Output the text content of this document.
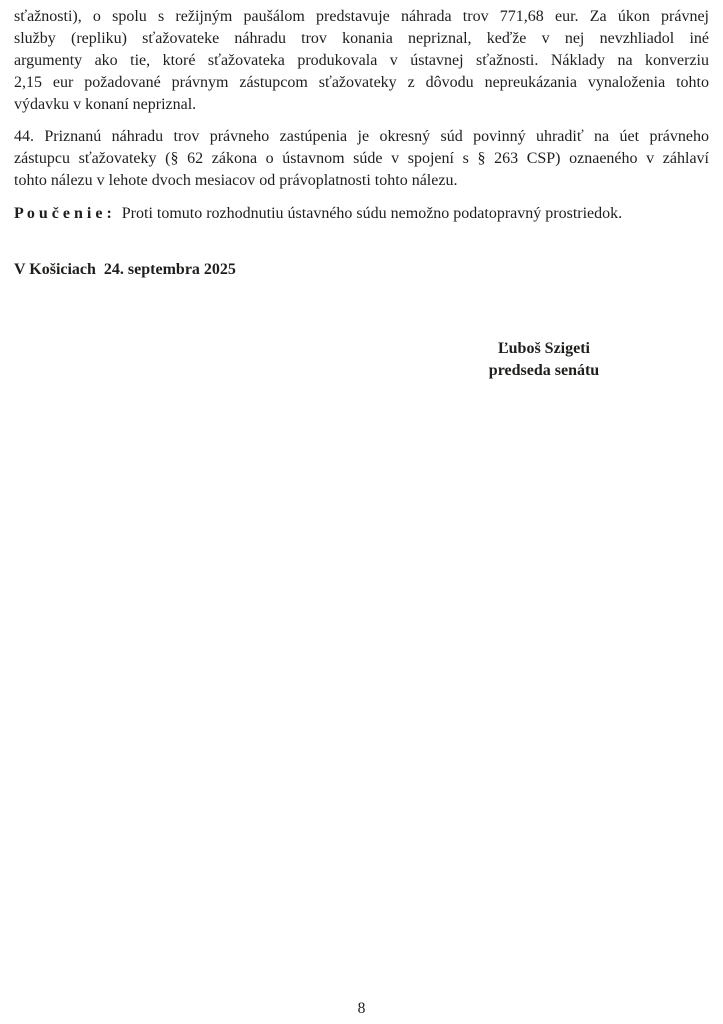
sťažnosti), o spolu s režijným paušálom predstavuje náhrada trov 771,68 eur. Za úkon právnej
služby (repliku) sťažovateke náhradu trov konania nepriznal, keďže v nej nevzhliadol iné
argumenty ako tie, ktoré sťažovateka produkovala v ústavnej sťažnosti. Náklady na konverziu
2,15 eur požadované právnym zástupcom sťažovateky z dôvodu nepreukázania vynaloženia tohto
výdavku v konaní nepriznal.

44. Priznanú náhradu trov právneho zastúpenia je okresný súd povinný uhradiť na úet právneho
zástupcu sťažovateky (§ 62 zákona o ústavnom súde v spojení s § 263 CSP) oznaeného v záhlaví
tohto nálezu v lehote dvoch mesiacov od právoplatnosti tohto nálezu.

P o u č e n i e : Proti tomuto rozhodnutiu ústavného súdu nemožno podatopravný prostriedok.

V Košiciach  24. septembra 2025

Ľuboš Szigeti
predseda senátu
8
